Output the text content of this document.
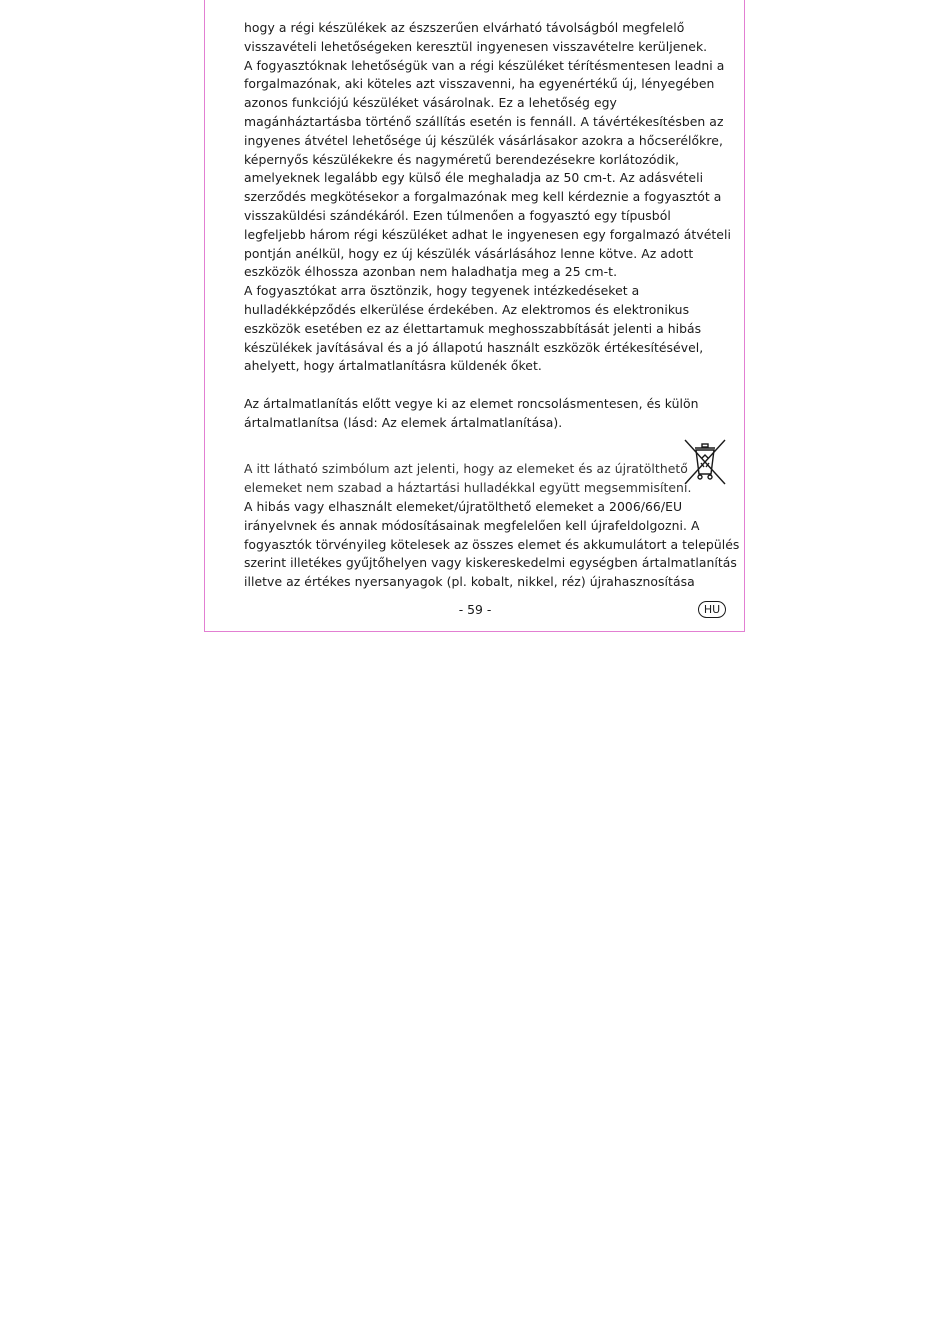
hogy a régi készülékek az észszerűen elvárható távolságból megfelelő
visszavételi lehetőségeken keresztül ingyenesen visszavételre kerüljenek.

A fogyasztóknak lehetőségük van a régi készüléket térítésmentesen leadni a
forgalmazónak, aki köteles azt visszavenni, ha egyenértékű új, lényegében
azonos funkciójú készüléket vásárolnak. Ez a lehetőség egy
magánháztartásba történő szállítás esetén is fennáll. A távértékesítésben az
ingyenes átvétel lehetősége új készülék vásárlásakor azokra a hőcserélőkre,
képernyős készülékekre és nagyméretű berendezésekre korlátozódik,
amelyeknek legalább egy külső éle meghaladja az 50 cm-t. Az adásvételi
szerződés megkötésekor a forgalmazónak meg kell kérdeznie a fogyasztót a
visszaküldési szándékáról. Ezen túlmenően a fogyasztó egy típusból
legfeljebb három régi készüléket adhat le ingyenesen egy forgalmazó átvételi
pontján anélkül, hogy ez új készülék vásárlásához lenne kötve. Az adott
eszközök élhossza azonban nem haladhatja meg a 25 cm-t.

A fogyasztókat arra ösztönzik, hogy tegyenek intézkedéseket a
hulladékképződés elkerülése érdekében. Az elektromos és elektronikus
eszközök esetében ez az élettartamuk meghosszabbítását jelenti a hibás
készülékek javításával és a jó állapotú használt eszközök értékesítésével,
ahelyett, hogy ártalmatlanításra küldenék őket.

Az ártalmatlanítás előtt vegye ki az elemet roncsolásmentesen, és külön
ártalmatlanítsa (lásd: Az elemek ártalmatlanítása).

A itt látható szimbólum azt jelenti, hogy az elemeket és az újratölthető
elemeket nem szabad a háztartási hulladékkal együtt megsemmisíteni.

A hibás vagy elhasznált elemeket/újratölthető elemeket a 2006/66/EU
irányelvnek és annak módosításainak megfelelően kell újrafeldolgozni. A
fogyasztók törvényileg kötelesek az összes elemet és akkumulátort a település
szerint illetékes gyűjtőhelyen vagy kiskereskedelmi egységben ártalmatlanítás
illetve az értékes nyersanyagok (pl. kobalt, nikkel, réz) újrahasznosítása

- 59 -	HU
